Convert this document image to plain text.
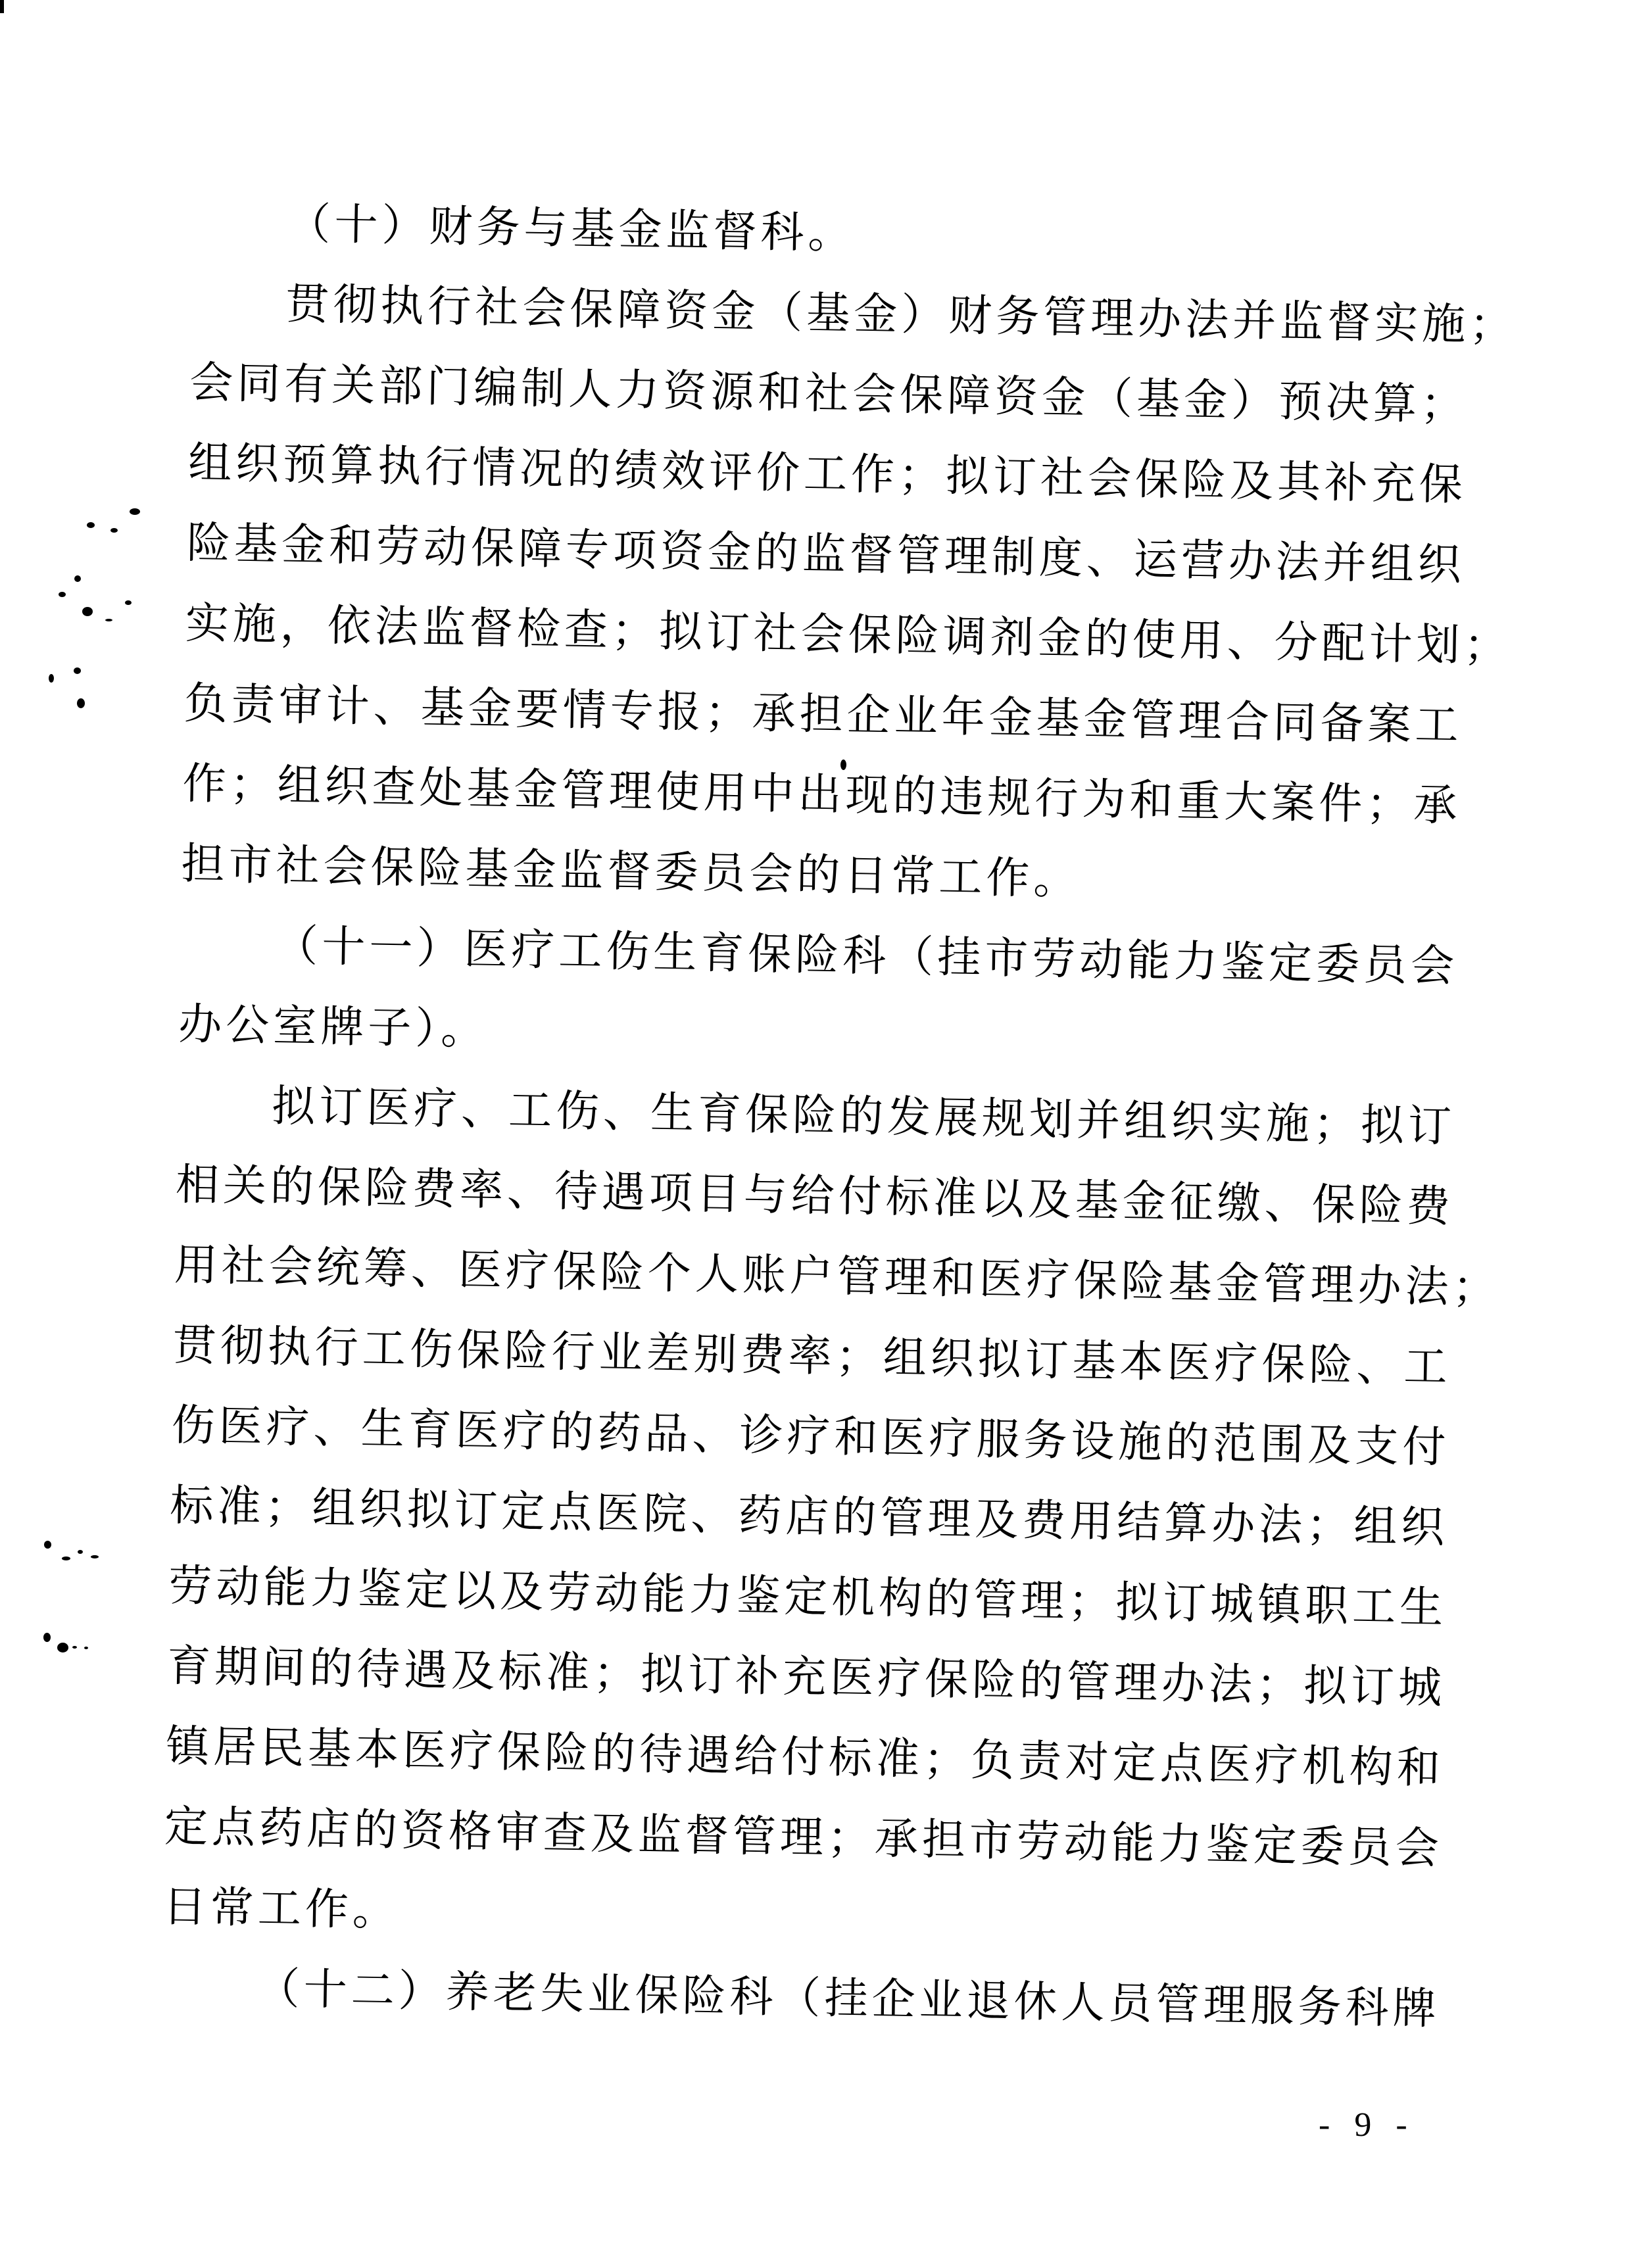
（十）财务与基金监督科。
贯彻执行社会保障资金（基金）财务管理办法并监督实施；
会同有关部门编制人力资源和社会保障资金（基金）预决算；
组织预算执行情况的绩效评价工作；拟订社会保险及其补充保
险基金和劳动保障专项资金的监督管理制度、运营办法并组织
实施，依法监督检查；拟订社会保险调剂金的使用、分配计划；
负责审计、基金要情专报；承担企业年金基金管理合同备案工
作；组织查处基金管理使用中出现的违规行为和重大案件；承
担市社会保险基金监督委员会的日常工作。
（十一）医疗工伤生育保险科（挂市劳动能力鉴定委员会
办公室牌子）。
拟订医疗、工伤、生育保险的发展规划并组织实施；拟订
相关的保险费率、待遇项目与给付标准以及基金征缴、保险费
用社会统筹、医疗保险个人账户管理和医疗保险基金管理办法；
贯彻执行工伤保险行业差别费率；组织拟订基本医疗保险、工
伤医疗、生育医疗的药品、诊疗和医疗服务设施的范围及支付
标准；组织拟订定点医院、药店的管理及费用结算办法；组织
劳动能力鉴定以及劳动能力鉴定机构的管理；拟订城镇职工生
育期间的待遇及标准；拟订补充医疗保险的管理办法；拟订城
镇居民基本医疗保险的待遇给付标准；负责对定点医疗机构和
定点药店的资格审查及监督管理；承担市劳动能力鉴定委员会
日常工作。
（十二）养老失业保险科（挂企业退休人员管理服务科牌
- 9 -
